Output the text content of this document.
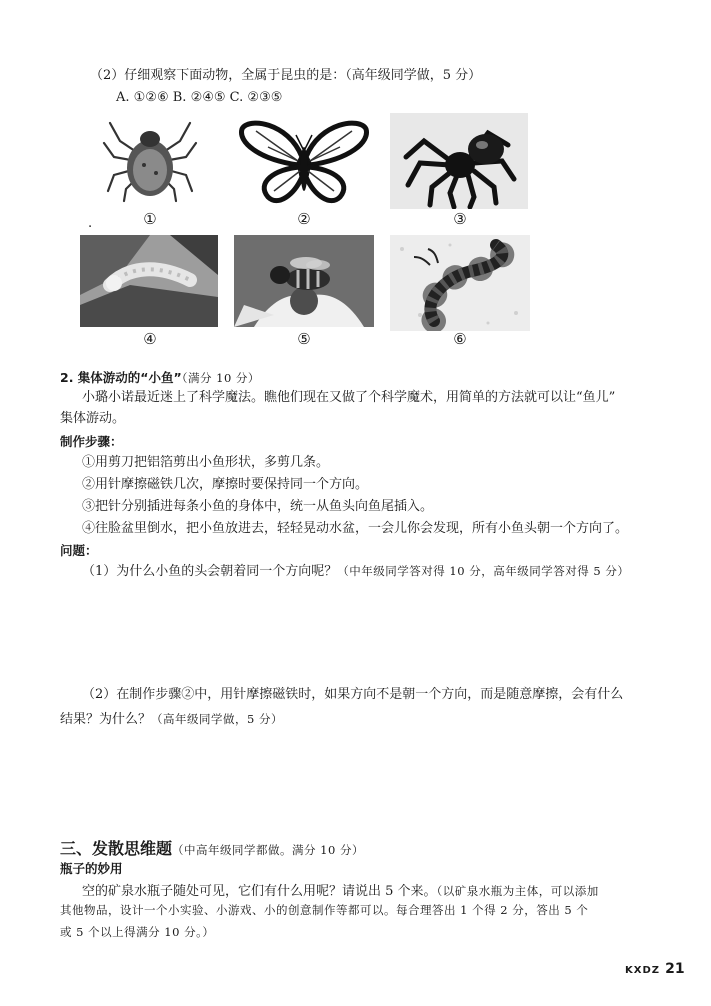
（2）仔细观察下面动物，全属于昆虫的是：（高年级同学做，5 分）
A. ①②⑥ B. ②④⑤ C. ②③⑤
①	②	③
.
④	⑤	⑥
2. 集体游动的“小鱼”（满分 10 分）
小璐小诺最近迷上了科学魔法。瞧他们现在又做了个科学魔术，用简单的方法就可以让“鱼儿”
集体游动。
制作步骤：
①用剪刀把铝箔剪出小鱼形状，多剪几条。
②用针摩擦磁铁几次，摩擦时要保持同一个方向。
③把针分别插进每条小鱼的身体中，统一从鱼头向鱼尾插入。
④往脸盆里倒水，把小鱼放进去，轻轻晃动水盆，一会儿你会发现，所有小鱼头朝一个方向了。
问题：
（1）为什么小鱼的头会朝着同一个方向呢？（中年级同学答对得 10 分，高年级同学答对得 5 分）
（2）在制作步骤②中，用针摩擦磁铁时，如果方向不是朝一个方向，而是随意摩擦，会有什么
结果？为什么？（高年级同学做，5 分）
三、发散思维题（中高年级同学都做。满分 10 分）
瓶子的妙用
空的矿泉水瓶子随处可见，它们有什么用呢？请说出 5 个来。（以矿泉水瓶为主体，可以添加
其他物品，设计一个小实验、小游戏、小的创意制作等都可以。每合理答出 1 个得 2 分，答出 5 个
或 5 个以上得满分 10 分。）
KXDZ 21
